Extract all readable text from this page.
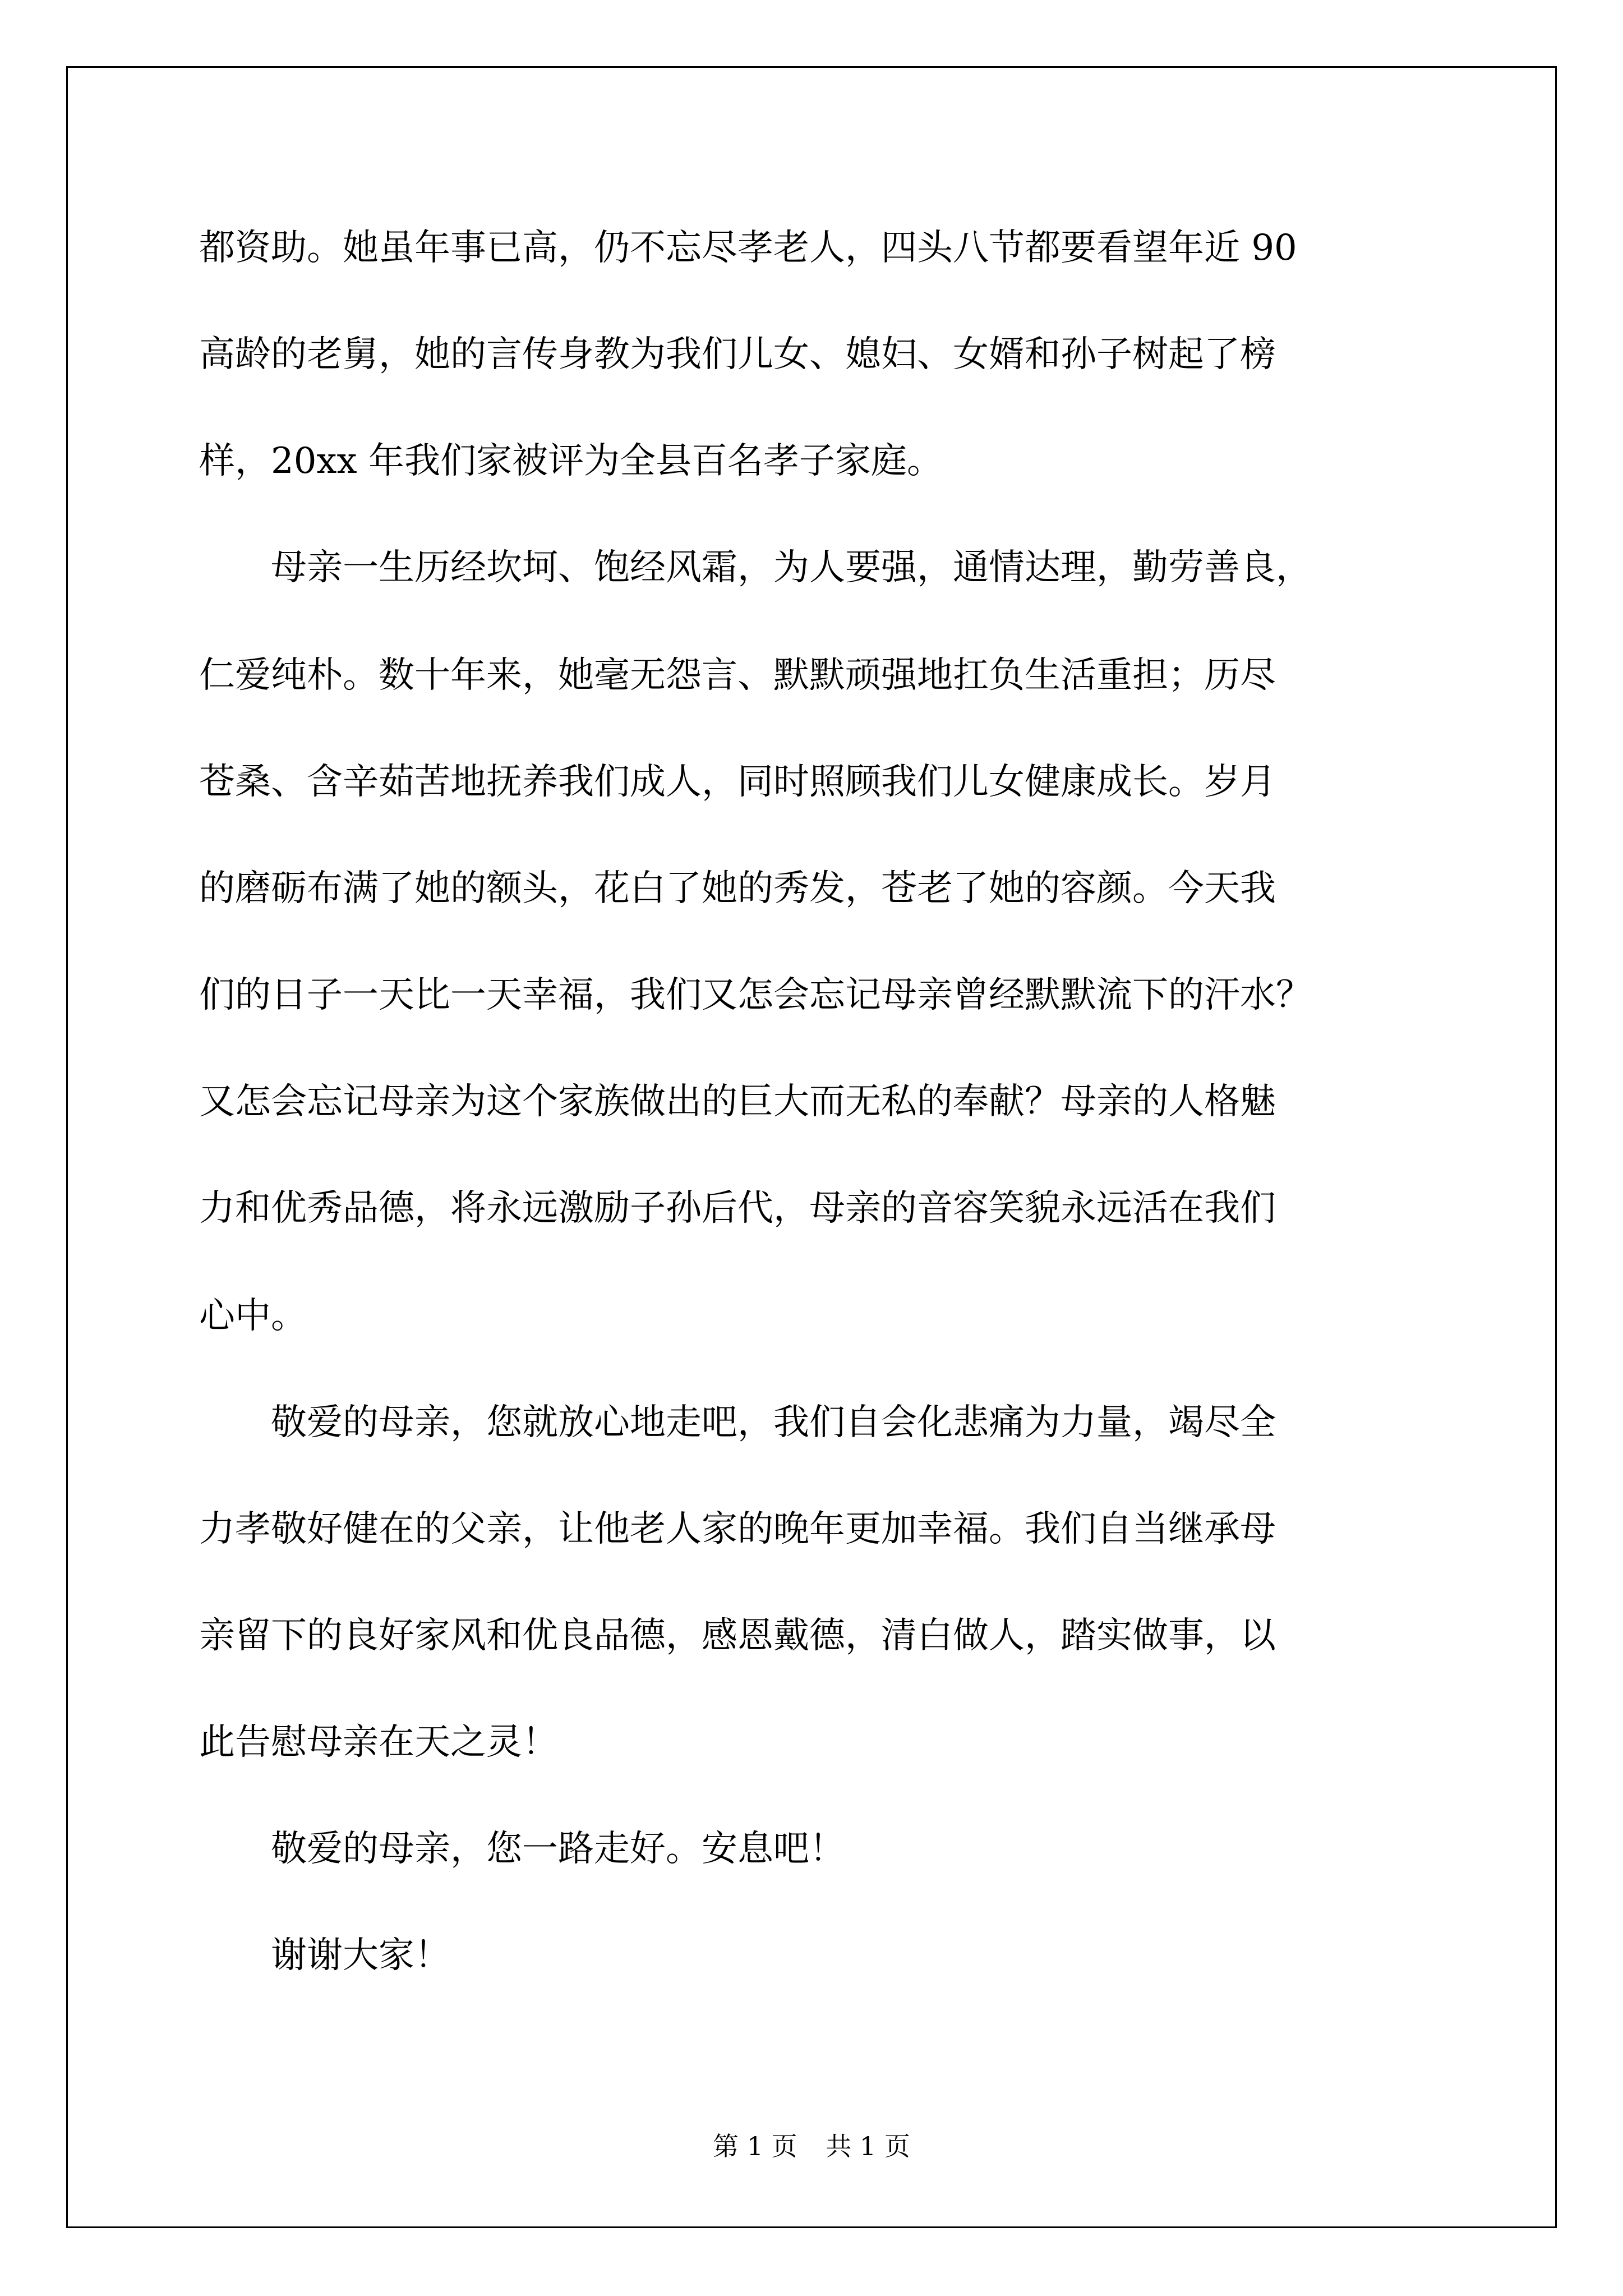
都资助。她虽年事已高，仍不忘尽孝老人，四头八节都要看望年近 90
高龄的老舅，她的言传身教为我们儿女、媳妇、女婿和孙子树起了榜
样，20xx 年我们家被评为全县百名孝子家庭。
母亲一生历经坎坷、饱经风霜，为人要强，通情达理，勤劳善良，
仁爱纯朴。数十年来，她毫无怨言、默默顽强地扛负生活重担；历尽
苍桑、含辛茹苦地抚养我们成人，同时照顾我们儿女健康成长。岁月
的磨砺布满了她的额头，花白了她的秀发，苍老了她的容颜。今天我
们的日子一天比一天幸福，我们又怎会忘记母亲曾经默默流下的汗水？
又怎会忘记母亲为这个家族做出的巨大而无私的奉献？母亲的人格魅
力和优秀品德，将永远激励子孙后代，母亲的音容笑貌永远活在我们
心中。
敬爱的母亲，您就放心地走吧，我们自会化悲痛为力量，竭尽全
力孝敬好健在的父亲，让他老人家的晚年更加幸福。我们自当继承母
亲留下的良好家风和优良品德，感恩戴德，清白做人，踏实做事，以
此告慰母亲在天之灵！
敬爱的母亲，您一路走好。安息吧！
谢谢大家！
第 1 页 共 1 页
